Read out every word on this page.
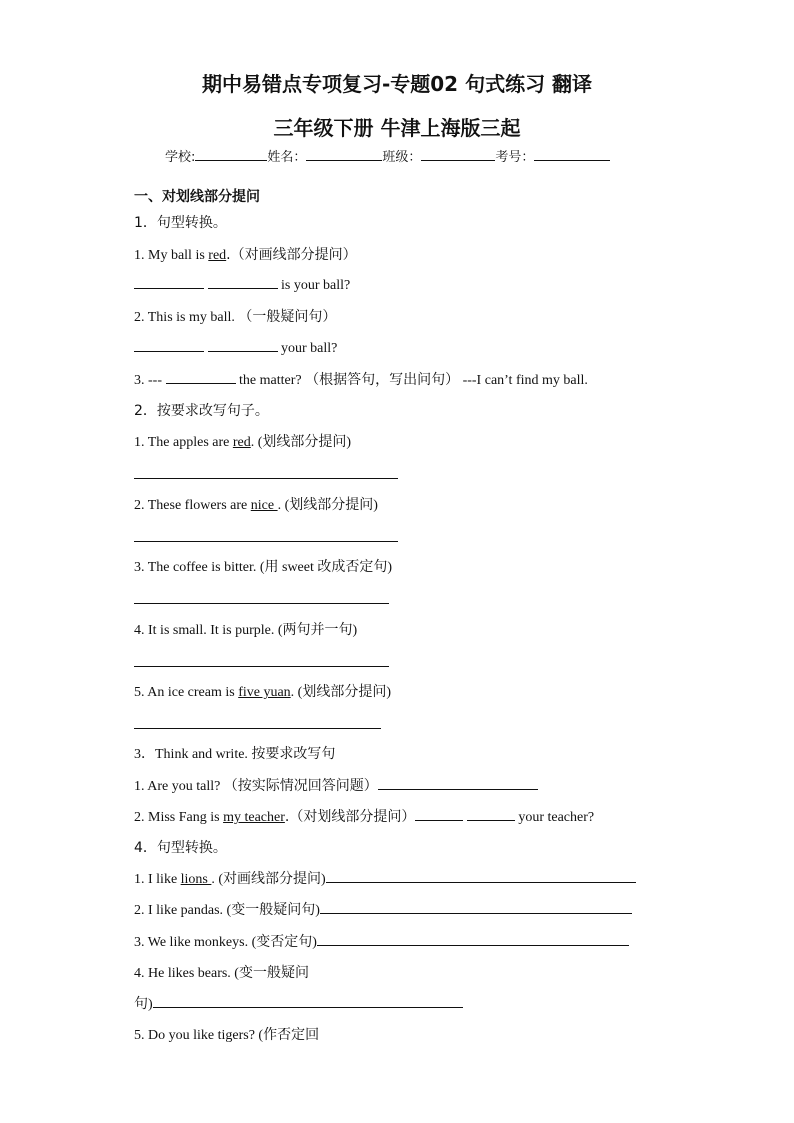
期中易错点专项复习-专题02 句式练习 翻译
三年级下册 牛津上海版三起
学校:	姓名：	班级：	考号：
一、对划线部分提问
1．句型转换。
1. My ball is red.（对画线部分提问）
is your ball?
2. This is my ball. （一般疑问句）
your ball?
3. ---	the matter? （根据答句，写出问句） ---I can’t find my ball.
2．按要求改写句子。
1. The apples are red. (划线部分提问)
2. These flowers are nice . (划线部分提问)
3. The coffee is bitter. (用 sweet 改成否定句)
4. It is small. It is purple. (两句并一句)
5. An ice cream is five yuan. (划线部分提问)
3．Think and write. 按要求改写句
1. Are you tall? （按实际情况回答问题）
2. Miss Fang is my teacher.（对划线部分提问）	your teacher?
4．句型转换。
1. I like lions . (对画线部分提问)
2. I like pandas. (变一般疑问句)
3. We like monkeys. (变否定句)
4. He likes bears. (变一般疑问
句)
5. Do you like tigers? (作否定回
